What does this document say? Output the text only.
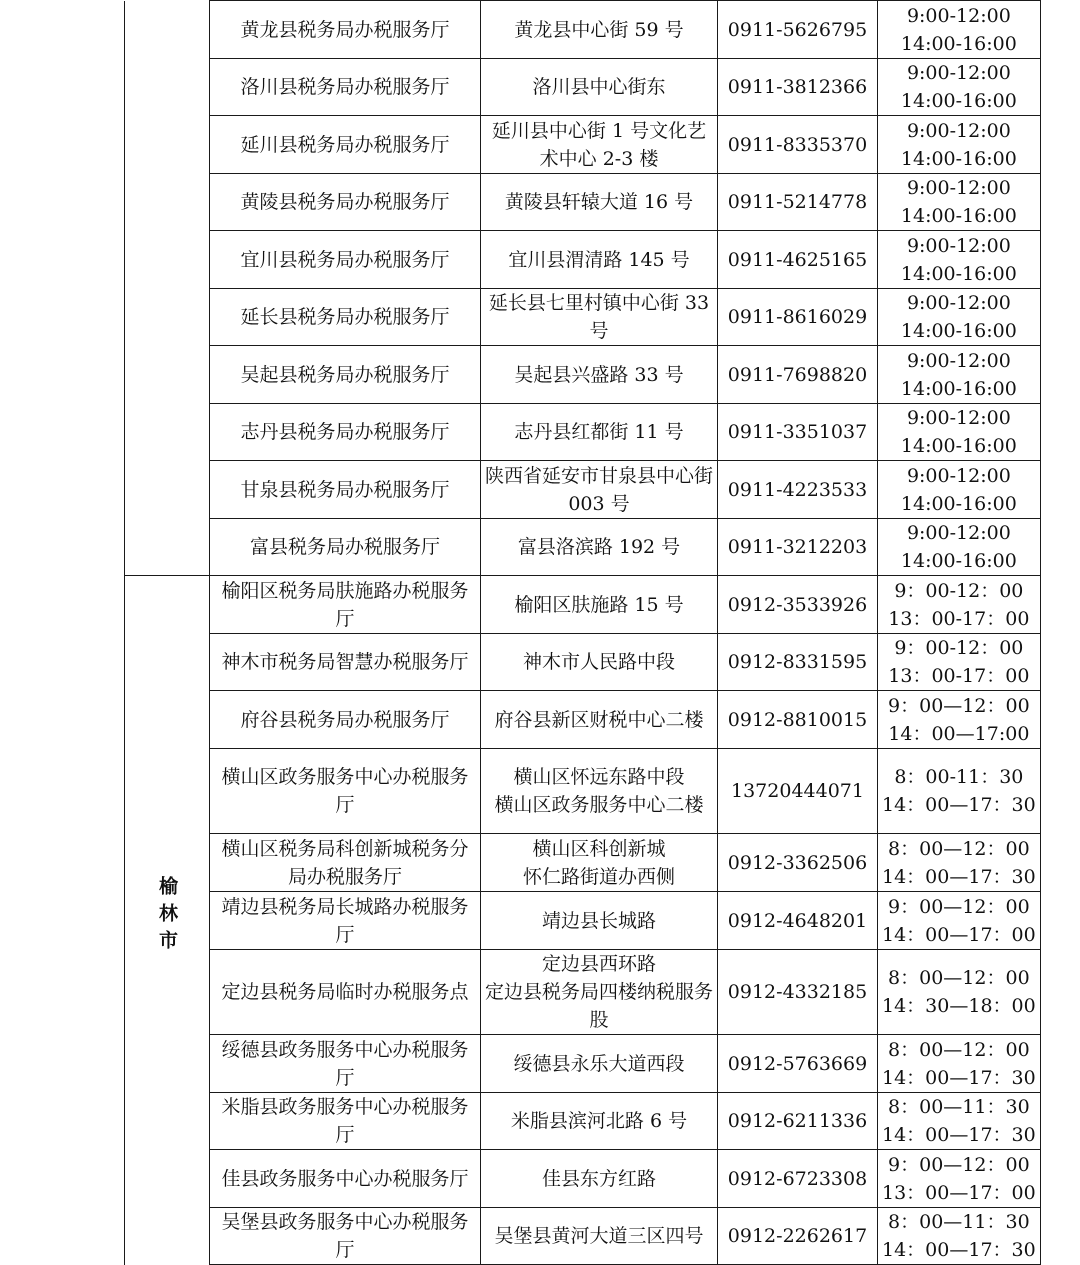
	黄龙县税务局办税服务厅	黄龙县中心街 59 号	0911-5626795	9:00-12:00
14:00-16:00

	洛川县税务局办税服务厅	洛川县中心街东	0911-3812366	9:00-12:00
14:00-16:00

	延川县税务局办税服务厅	延川县中心街 1 号文化艺术中心 2-3 楼	0911-8335370	9:00-12:00
14:00-16:00

	黄陵县税务局办税服务厅	黄陵县轩辕大道 16 号	0911-5214778	9:00-12:00
14:00-16:00

	宜川县税务局办税服务厅	宜川县渭清路 145 号	0911-4625165	9:00-12:00
14:00-16:00

	延长县税务局办税服务厅	延长县七里村镇中心街 33 号	0911-8616029	9:00-12:00
14:00-16:00

	吴起县税务局办税服务厅	吴起县兴盛路 33 号	0911-7698820	9:00-12:00
14:00-16:00

	志丹县税务局办税服务厅	志丹县红都街 11 号	0911-3351037	9:00-12:00
14:00-16:00

	甘泉县税务局办税服务厅	陕西省延安市甘泉县中心街 003 号	0911-4223533	9:00-12:00
14:00-16:00

	富县税务局办税服务厅	富县洛滨路 192 号	0911-3212203	9:00-12:00
14:00-16:00

榆林市	榆阳区税务局肤施路办税服务厅	榆阳区肤施路 15 号	0912-3533926	9：00-12：00
13：00-17：00

	神木市税务局智慧办税服务厅	神木市人民路中段	0912-8331595	9：00-12：00
13：00-17：00

	府谷县税务局办税服务厅	府谷县新区财税中心二楼	0912-8810015	9：00—12：00
14：00—17:00

	横山区政务服务中心办税服务厅	横山区怀远东路中段
横山区政务服务中心二楼	13720444071	8：00-11：30
14：00—17：30

	横山区税务局科创新城税务分局办税服务厅	横山区科创新城
怀仁路街道办西侧	0912-3362506	8：00—12：00
14：00—17：30

	靖边县税务局长城路办税服务厅	靖边县长城路	0912-4648201	9：00—12：00
14：00—17：00

	定边县税务局临时办税服务点	定边县西环路
定边县税务局四楼纳税服务股	0912-4332185	8：00—12：00
14：30—18：00

	绥德县政务服务中心办税服务厅	绥德县永乐大道西段	0912-5763669	8：00—12：00
14：00—17：30

	米脂县政务服务中心办税服务厅	米脂县滨河北路 6 号	0912-6211336	8：00—11：30
14：00—17：30

	佳县政务服务中心办税服务厅	佳县东方红路	0912-6723308	9：00—12：00
13：00—17：00

	吴堡县政务服务中心办税服务厅	吴堡县黄河大道三区四号	0912-2262617	8：00—11：30
14：00—17：30
